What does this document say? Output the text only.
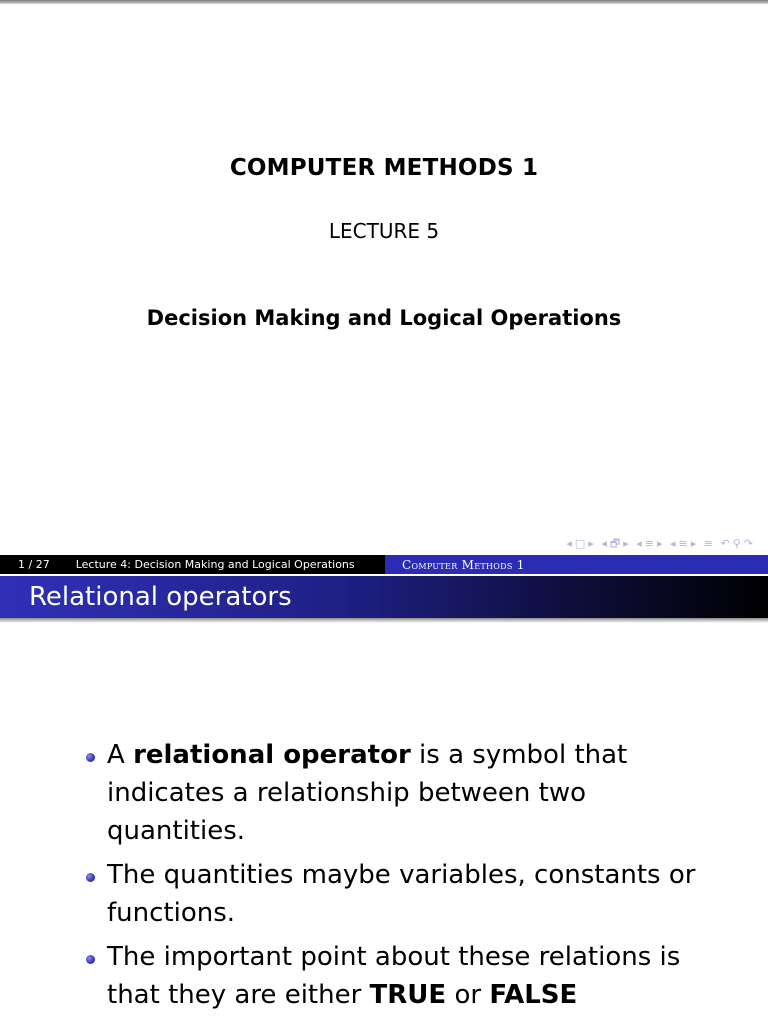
COMPUTER METHODS 1
LECTURE 5
Decision Making and Logical Operations
◂ □ ▸ ◂ 🗗 ▸ ◂ ≡ ▸ ◂ ≡ ▸ ≡ ↶ ⚲ ↷
1 / 27 Lecture 4: Decision Making and Logical Operations	Computer Methods 1
Relational operators
A relational operator is a symbol that indicates a relationship between two quantities.
The quantities maybe variables, constants or functions.
The important point about these relations is that they are either TRUE or FALSE
